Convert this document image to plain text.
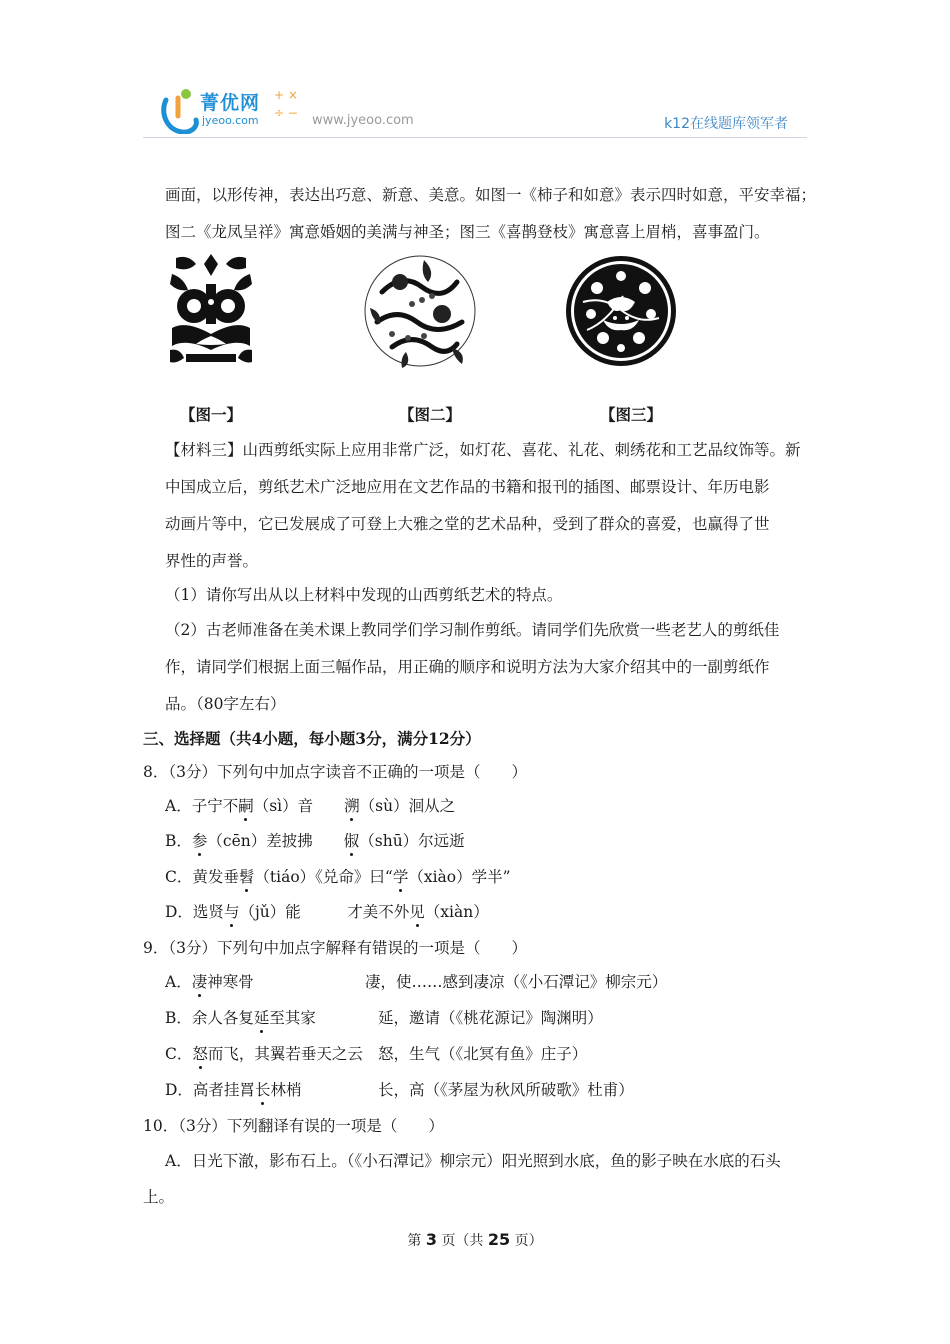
菁优网
jyeoo.com
+ ×
÷ − www.jyeoo.com	k12在线题库领军者
画面，以形传神，表达出巧意、新意、美意。如图一《柿子和如意》表示四时如意，平安幸福；
图二《龙凤呈祥》寓意婚姻的美满与神圣；图三《喜鹊登枝》寓意喜上眉梢，喜事盈门。
【图一】	【图二】	【图三】
【材料三】山西剪纸实际上应用非常广泛，如灯花、喜花、礼花、刺绣花和工艺品纹饰等。新
中国成立后，剪纸艺术广泛地应用在文艺作品的书籍和报刊的插图、邮票设计、年历电影
动画片等中，它已发展成了可登上大雅之堂的艺术品种，受到了群众的喜爱，也赢得了世
界性的声誉。
（1）请你写出从以上材料中发现的山西剪纸艺术的特点。
（2）古老师准备在美术课上教同学们学习制作剪纸。请同学们先欣赏一些老艺人的剪纸佳
作，请同学们根据上面三幅作品，用正确的顺序和说明方法为大家介绍其中的一副剪纸作
品。（80字左右）
三、选择题（共4小题，每小题3分，满分12分）
8．（3分）下列句中加点字读音不正确的一项是（　　）
A．子宁不嗣（sì）音　　溯（sù）洄从之
B．参（cēn）差披拂　　俶（shū）尔远逝
C．黄发垂髫（tiáo）《兑命》曰“学（xiào）学半”
D．选贤与（jǔ）能　　　才美不外见（xiàn）
9．（3分）下列句中加点字解释有错误的一项是（　　）
A．凄神寒骨	凄，使……感到凄凉（《小石潭记》柳宗元）
B．余人各复延至其家	延，邀请（《桃花源记》陶渊明）
C．怒而飞，其翼若垂天之云 怒，生气（《北冥有鱼》庄子）
D．高者挂罥长林梢	长，高（《茅屋为秋风所破歌》杜甫）
10．（3分）下列翻译有误的一项是（　　）
A．日光下澈，影布石上。（《小石潭记》柳宗元）阳光照到水底，鱼的影子映在水底的石头
上。
第 3 页（共 25 页）
